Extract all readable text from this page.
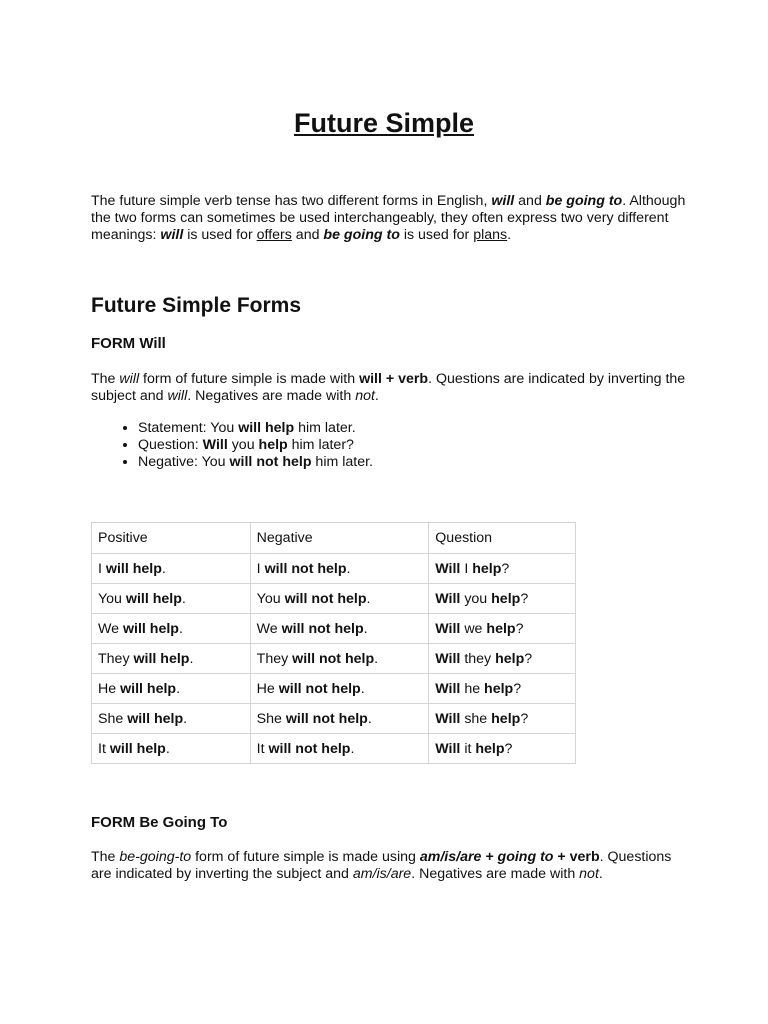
Future Simple

The future simple verb tense has two different forms in English, will and be going to. Although the two forms can sometimes be used interchangeably, they often express two very different meanings: will is used for offers and be going to is used for plans.

Future Simple Forms
FORM Will

The will form of future simple is made with will + verb. Questions are indicated by inverting the subject and will. Negatives are made with not.

• Statement: You will help him later.
• Question: Will you help him later?
• Negative: You will not help him later.
Positive	Negative	Question
I will help.	I will not help.	Will I help?
You will help.	You will not help.	Will you help?
We will help.	We will not help.	Will we help?
They will help.	They will not help.	Will they help?
He will help.	He will not help.	Will he help?
She will help.	She will not help.	Will she help?
It will help.	It will not help.	Will it help?
FORM Be Going To

The be-going-to form of future simple is made using am/is/are + going to + verb. Questions are indicated by inverting the subject and am/is/are. Negatives are made with not.
